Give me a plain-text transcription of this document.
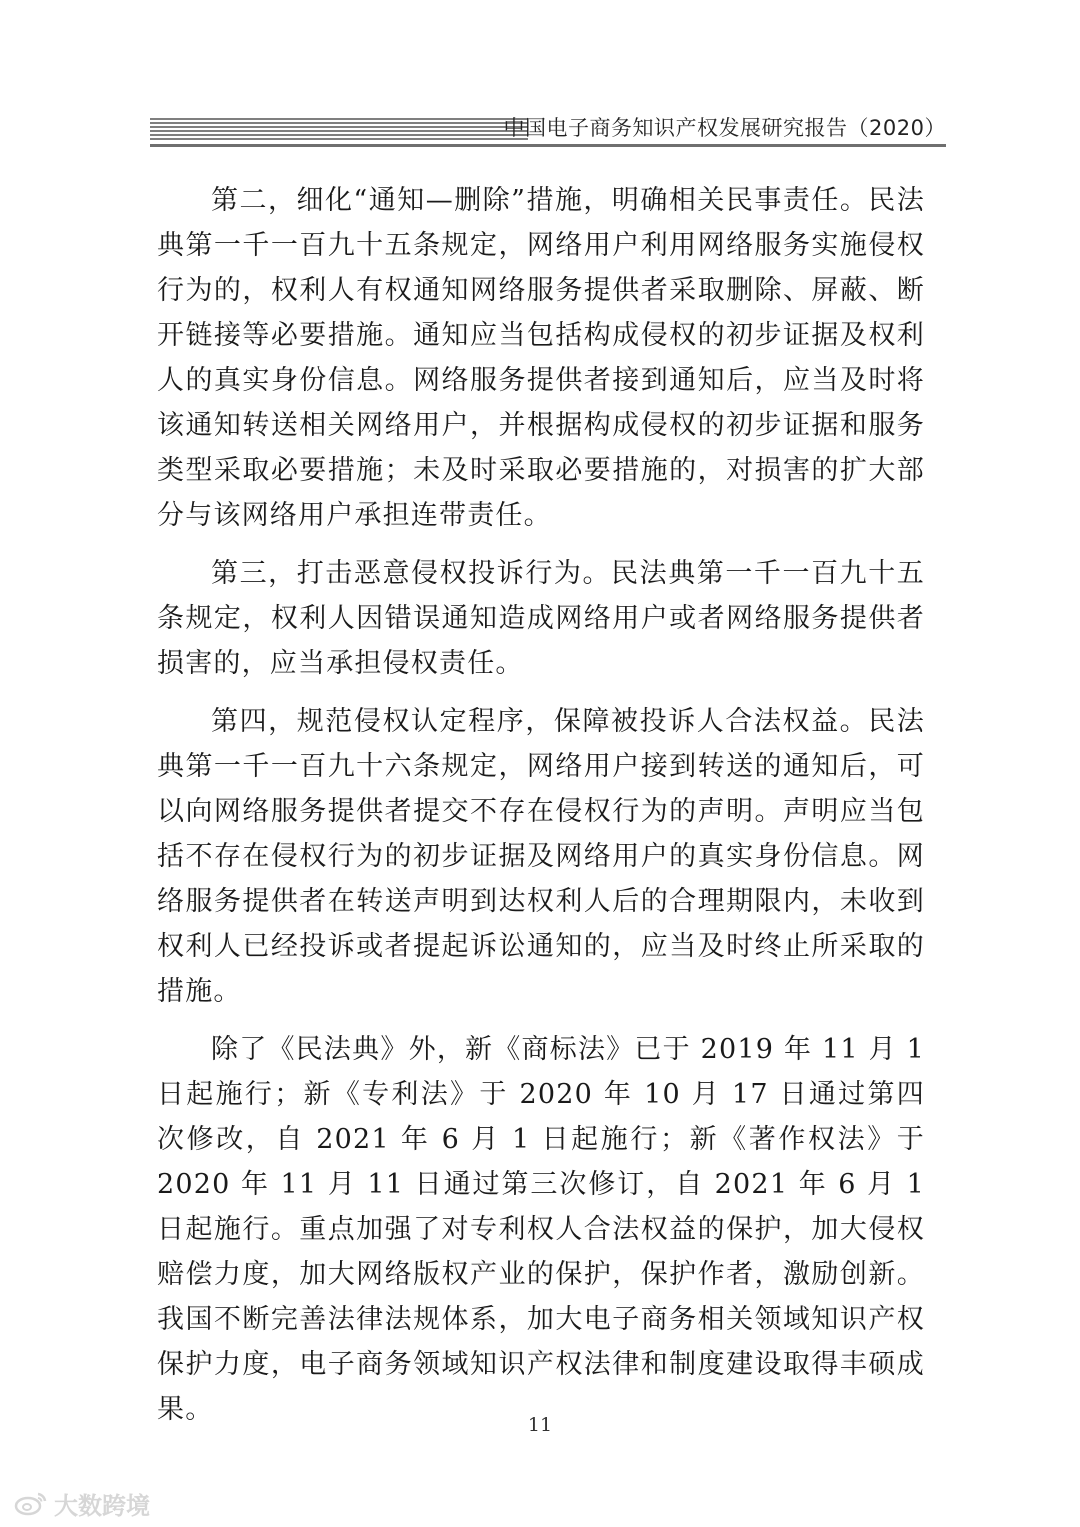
中国电子商务知识产权发展研究报告（2020）

第二，细化“通知—删除”措施，明确相关民事责任。民法典第一千一百九十五条规定，网络用户利用网络服务实施侵权行为的，权利人有权通知网络服务提供者采取删除、屏蔽、断开链接等必要措施。通知应当包括构成侵权的初步证据及权利人的真实身份信息。网络服务提供者接到通知后，应当及时将该通知转送相关网络用户，并根据构成侵权的初步证据和服务类型采取必要措施；未及时采取必要措施的，对损害的扩大部分与该网络用户承担连带责任。

第三，打击恶意侵权投诉行为。民法典第一千一百九十五条规定，权利人因错误通知造成网络用户或者网络服务提供者损害的，应当承担侵权责任。

第四，规范侵权认定程序，保障被投诉人合法权益。民法典第一千一百九十六条规定，网络用户接到转送的通知后，可以向网络服务提供者提交不存在侵权行为的声明。声明应当包括不存在侵权行为的初步证据及网络用户的真实身份信息。网络服务提供者在转送声明到达权利人后的合理期限内，未收到权利人已经投诉或者提起诉讼通知的，应当及时终止所采取的措施。

除了《民法典》外，新《商标法》已于 2019 年 11 月 1 日起施行；新《专利法》于 2020 年 10 月 17 日通过第四次修改，自 2021 年 6 月 1 日起施行；新《著作权法》于 2020 年 11 月 11 日通过第三次修订，自 2021 年 6 月 1 日起施行。重点加强了对专利权人合法权益的保护，加大侵权赔偿力度，加大网络版权产业的保护，保护作者，激励创新。我国不断完善法律法规体系，加大电子商务相关领域知识产权保护力度，电子商务领域知识产权法律和制度建设取得丰硕成果。	11
大数跨境
